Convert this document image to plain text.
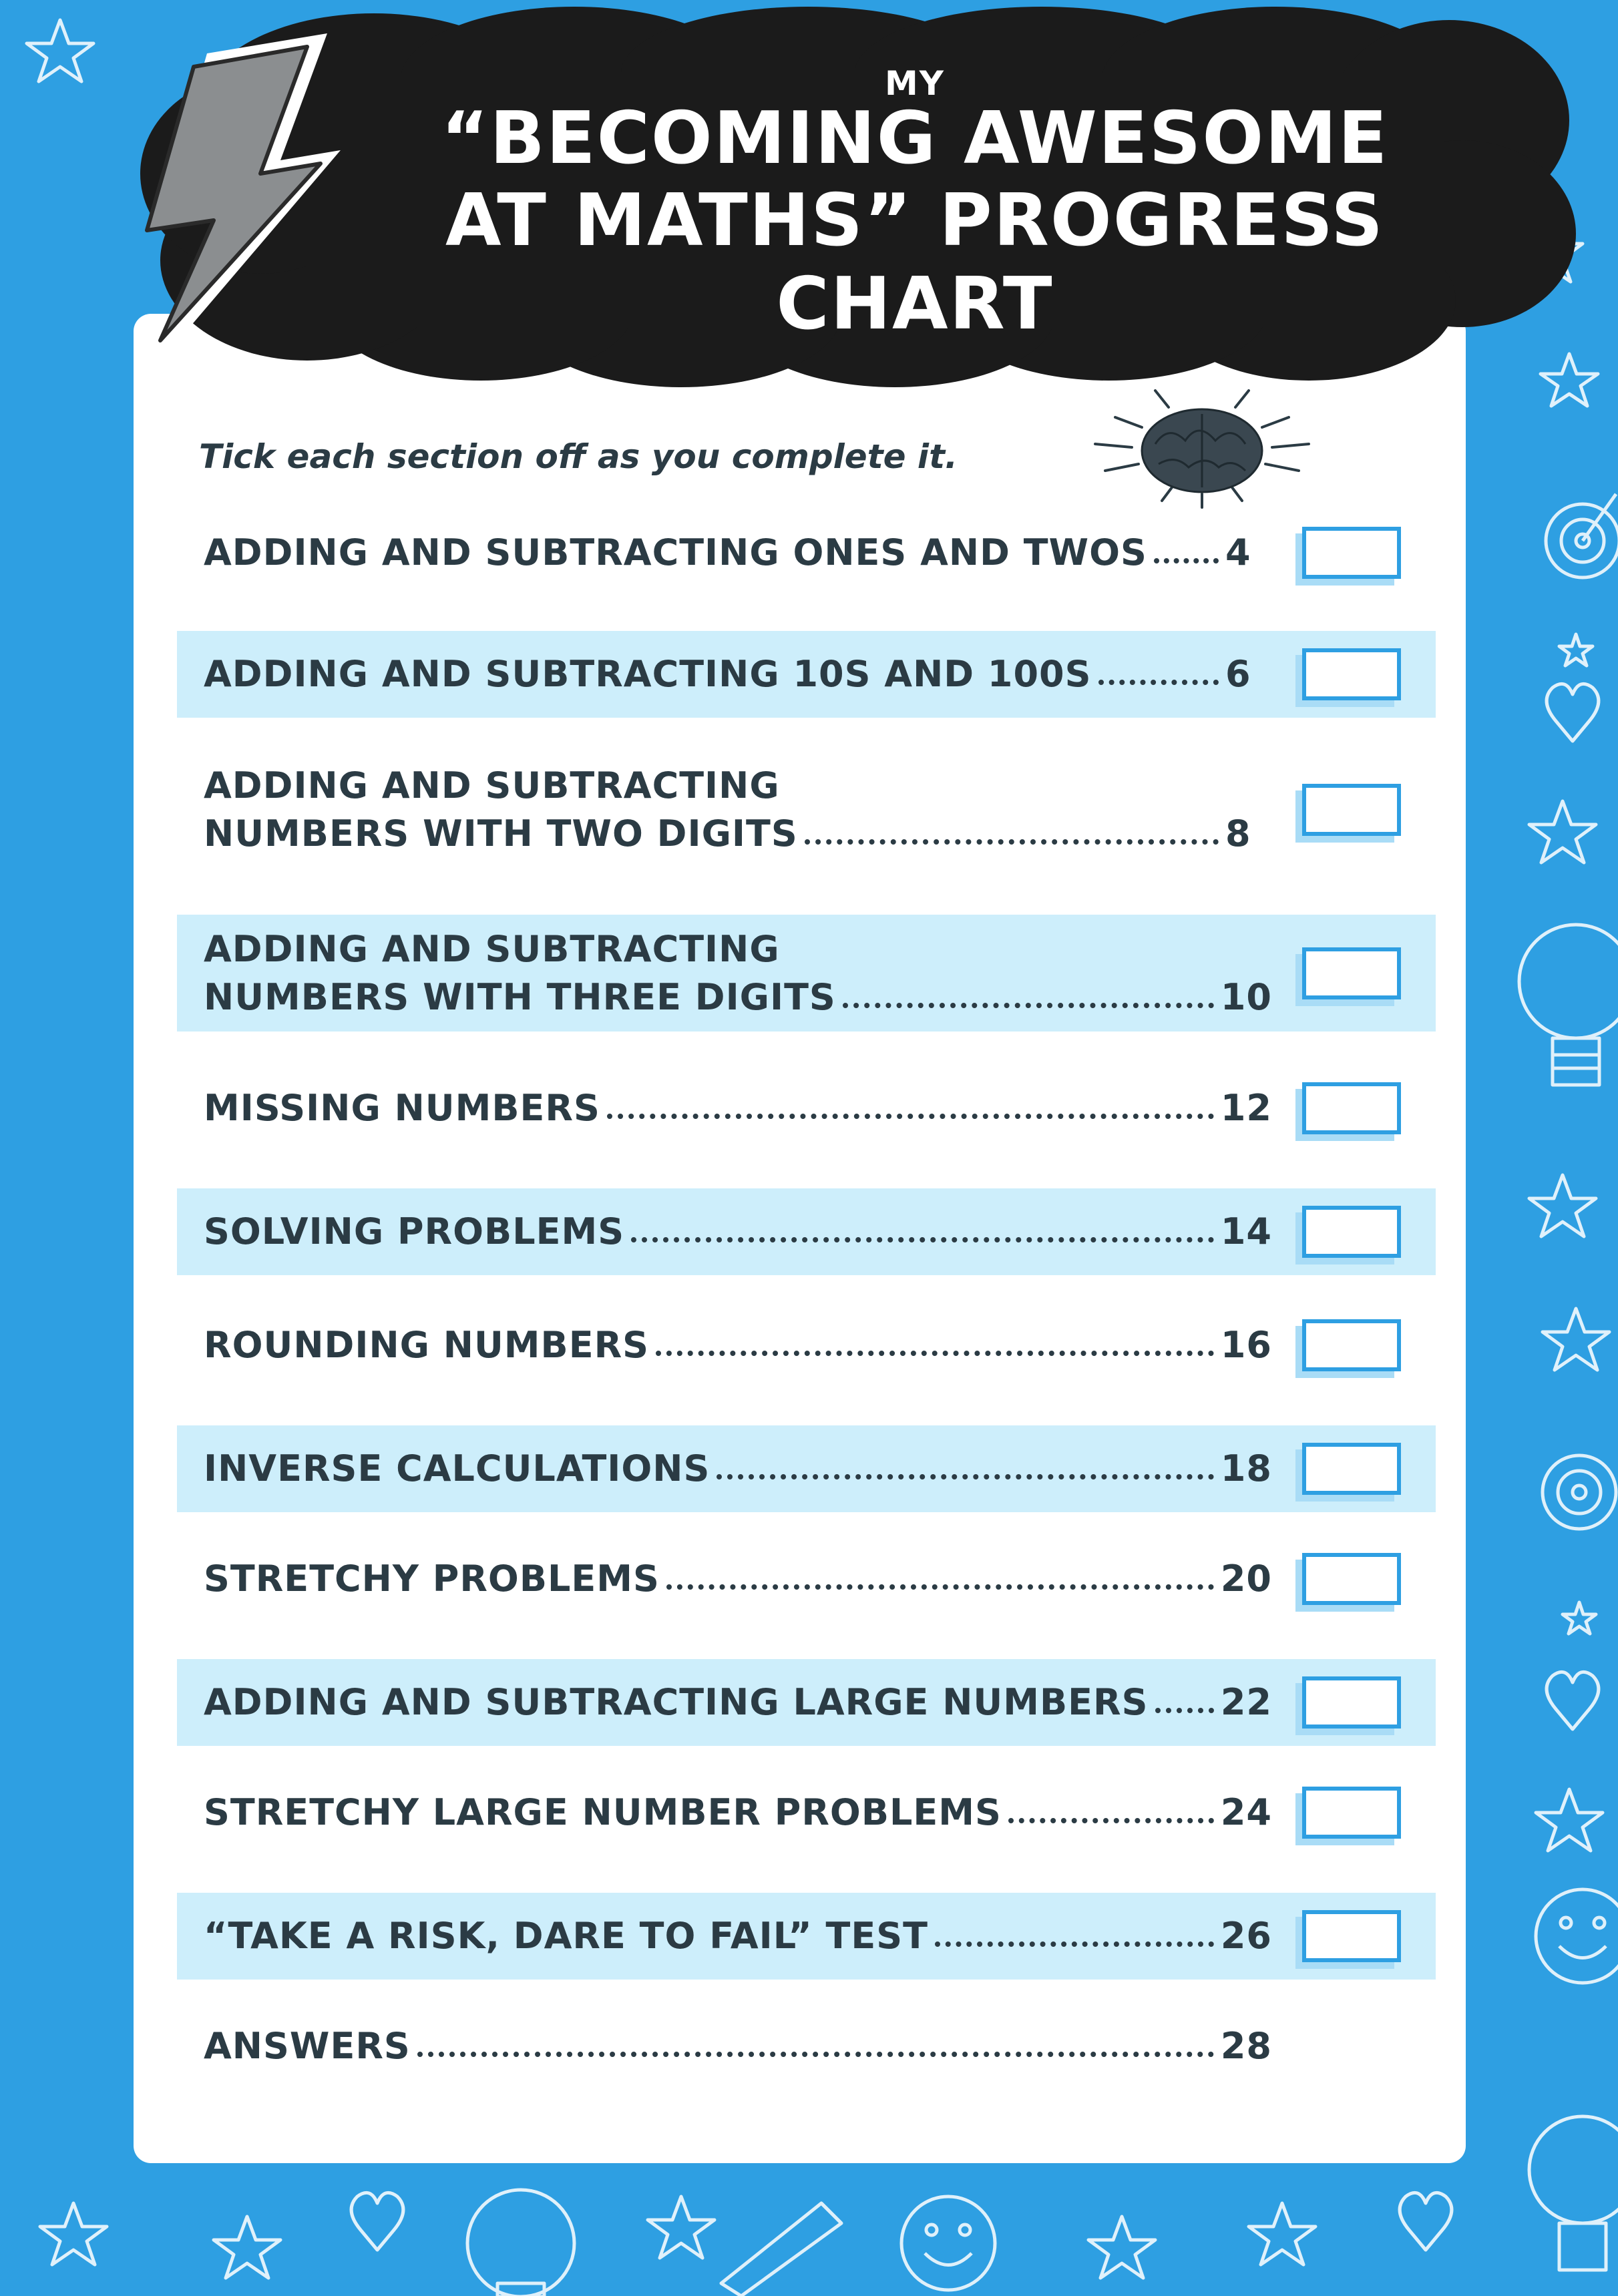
MY
“BECOMING AWESOME
AT MATHS” PROGRESS CHART
Tick each section off as you complete it.
ADDING AND SUBTRACTING ONES AND TWOS 4
ADDING AND SUBTRACTING 10S AND 100S	6
ADDING AND SUBTRACTING
NUMBERS WITH TWO DIGITS	8
ADDING AND SUBTRACTING
NUMBERS WITH THREE DIGITS	10
MISSING NUMBERS	12
SOLVING PROBLEMS	14
ROUNDING NUMBERS	16
INVERSE CALCULATIONS	18
STRETCHY PROBLEMS	20
ADDING AND SUBTRACTING LARGE NUMBERS 22
STRETCHY LARGE NUMBER PROBLEMS	24
“TAKE A RISK, DARE TO FAIL” TEST	26
ANSWERS	28
